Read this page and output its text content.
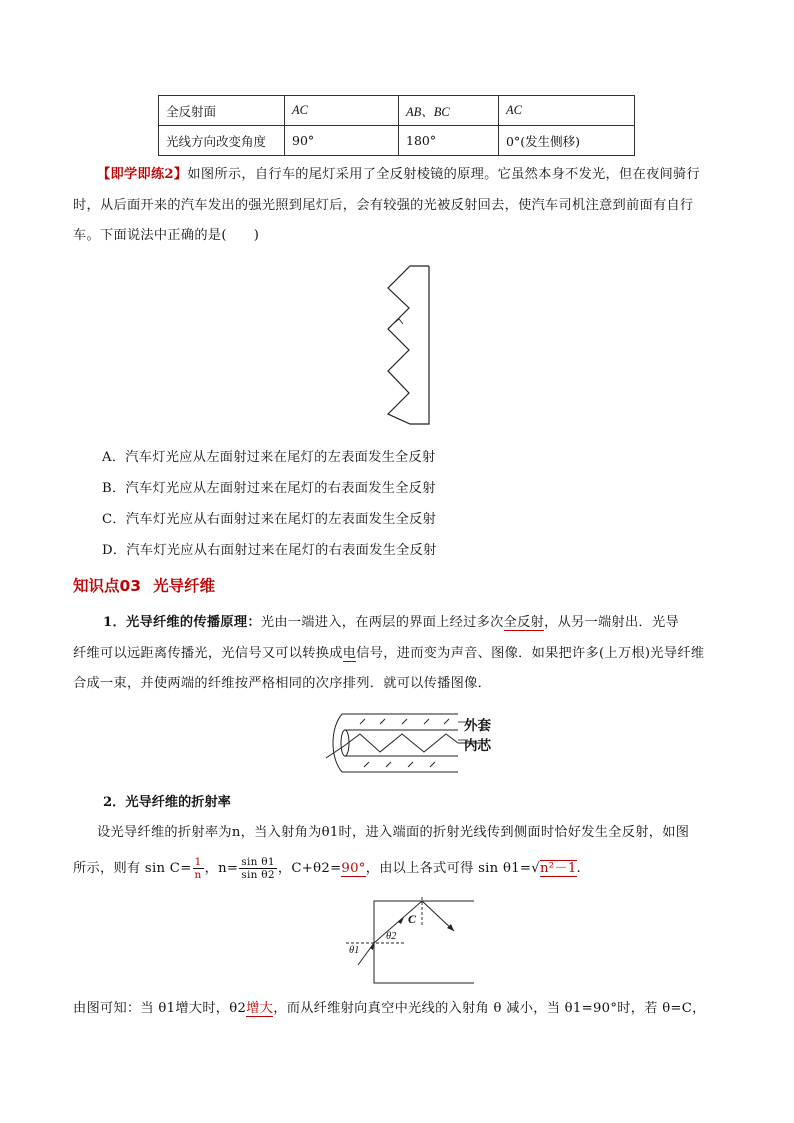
全反射面	AC	AB、BC	AC
光线方向改变角度	90°	180°	0°(发生侧移)
【即学即练2】如图所示，自行车的尾灯采用了全反射棱镜的原理。它虽然本身不发光，但在夜间骑行
时，从后面开来的汽车发出的强光照到尾灯后，会有较强的光被反射回去，使汽车司机注意到前面有自行
车。下面说法中正确的是(　　)
A．汽车灯光应从左面射过来在尾灯的左表面发生全反射
B．汽车灯光应从左面射过来在尾灯的右表面发生全反射
C．汽车灯光应从右面射过来在尾灯的左表面发生全反射
D．汽车灯光应从右面射过来在尾灯的右表面发生全反射
知识点03 光导纤维
1．光导纤维的传播原理：光由一端进入，在两层的界面上经过多次全反射，从另一端射出．光导
纤维可以远距离传播光，光信号又可以转换成电信号，进而变为声音、图像．如果把许多(上万根)光导纤维
合成一束，并使两端的纤维按严格相同的次序排列．就可以传播图像．
外套
内芯
2．光导纤维的折射率
设光导纤维的折射率为n，当入射角为θ1时，进入端面的折射光线传到侧面时恰好发生全反射，如图
所示，则有 $\sin C= \frac{1}{n}$ ，$n= \frac{\text{sin θ1}}{\text{sin θ2}}$ ，C+θ2=90°，由以上各式可得 sin θ1=√n²－1.
C
θ2
θ1
由图可知：当 θ1增大时，θ2增大，而从纤维射向真空中光线的入射角 θ 减小，当 θ1=90°时，若 θ=C，
